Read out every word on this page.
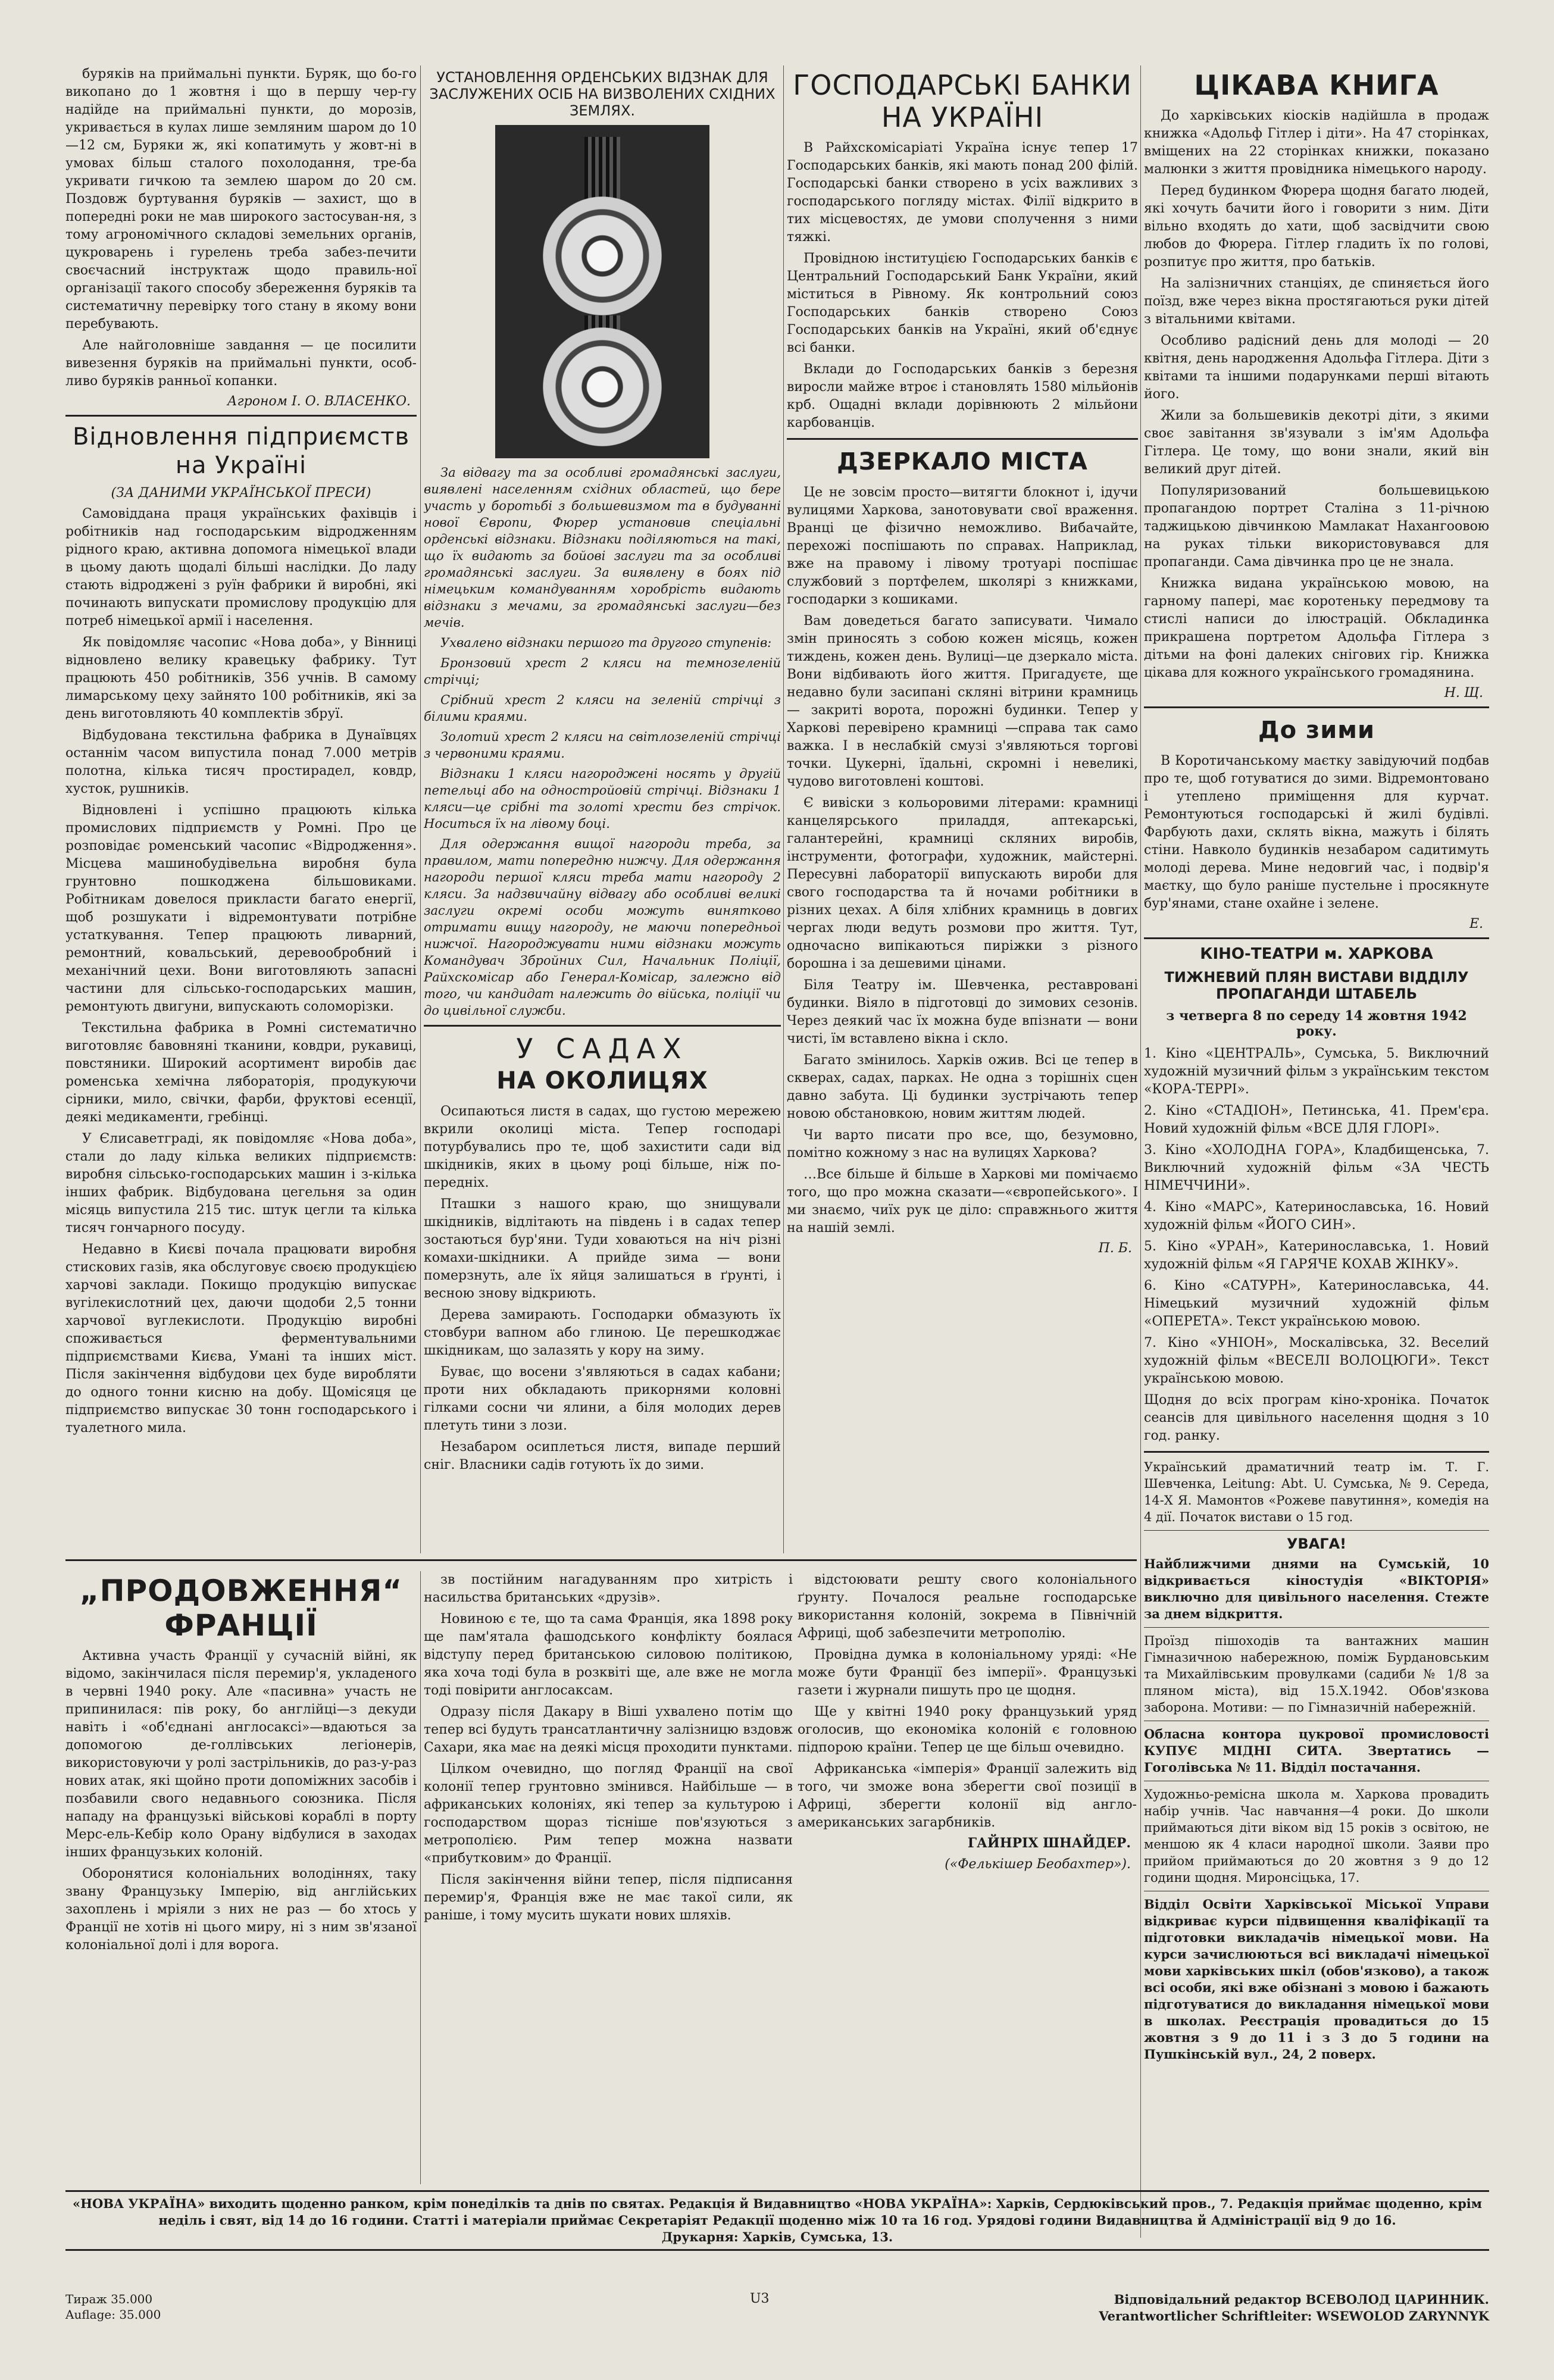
буряків на приймальні пункти. Буряк, що бо-го викопано до 1 жовтня і що в першу чер-гу надійде на приймальні пункти, до морозів, укривається в кулах лише земляним шаром до 10—12 см, Буряки ж, які копатимуть у жовт-ні в умовах більш сталого похолодання, тре-ба укривати гичкою та землею шаром до 20 см. Поздовж буртування буряків — захист, що в попередні роки не мав широкого застосуван-ня, з тому агрономічного складові земельних органів, цукроварень і гурелень треба забез-печити своєчасний інструктаж щодо правиль-ної організації такого способу збереження буряків та систематичну перевірку того стану в якому вони перебувають.

Але найголовніше завдання — це посилити вивезення буряків на приймальні пункти, особ-ливо буряків ранньої копанки.

Агроном І. О. ВЛАСЕНКО.
Відновлення підприємств на Україні
(ЗА ДАНИМИ УКРАЇНСЬКОЇ ПРЕСИ)

Самовіддана праця українських фахівців і робітників над господарським відродженням рідного краю, активна допомога німецької влади в цьому дають щодалі більші наслідки. До ладу стають відроджені з руїн фабрики й виробні, які починають випускати промислову продукцію для потреб німецької армії і населення.

Як повідомляє часопис «Нова доба», у Вінниці відновлено велику кравецьку фабрику. Тут працюють 450 робітників, 356 учнів. В самому лимарському цеху зайнято 100 робітників, які за день виготовляють 40 комплектів збруї.

Відбудована текстильна фабрика в Дунаївцях останнім часом випустила понад 7.000 метрів полотна, кілька тисяч простирадел, ковдр, хусток, рушників.

Відновлені і успішно працюють кілька промислових підприємств у Ромні. Про це розповідає роменський часопис «Відродження». Місцева машинобудівельна виробня була грунтовно пошкоджена більшовиками. Робітникам довелося прикласти багато енергії, щоб розшукати і відремонтувати потрібне устаткування. Тепер працюють ливарний, ремонтний, ковальський, деревообробний і механічний цехи. Вони виготовляють запасні частини для сільсько-господарських машин, ремонтують двигуни, випускають соломорізки.

Текстильна фабрика в Ромні систематично виготовляє бавовняні тканини, ковдри, рукавиці, повстяники. Широкий асортимент виробів дає роменська хемічна лябораторія, продукуючи сірники, мило, свічки, фарби, фруктові есенції, деякі медикаменти, гребінці.

У Єлисаветграді, як повідомляє «Нова доба», стали до ладу кілька великих підприємств: виробня сільсько-господарських машин і з-кілька інших фабрик. Відбудована цегельня за один місяць випустила 215 тис. штук цегли та кілька тисяч гончарного посуду.

Недавно в Києві почала працювати виробня стискових газів, яка обслуговує своєю продукцією харчові заклади. Покищо продукцію випускає вугілекислотний цех, даючи щодоби 2,5 тонни харчової вуглекислоти. Продукцію виробні споживається ферментувальними підприємствами Києва, Умані та інших міст. Після закінчення відбудови цех буде виробляти до одного тонни кисню на добу. Щомісяця це підприємство випускає 30 тонн господарського і туалетного мила.

УСТАНОВЛЕННЯ ОРДЕНСЬКИХ ВІДЗНАК ДЛЯ ЗАСЛУЖЕНИХ ОСІБ НА ВИЗВОЛЕНИХ СХІДНИХ ЗЕМЛЯХ.

За відвагу та за особливі громадянські заслуги, виявлені населенням східних областей, що бере участь у боротьбі з большевизмом та в будуванні нової Європи, Фюрер установив спеціальні орденські відзнаки. Відзнаки поділяються на такі, що їх видають за бойові заслуги та за особливі громадянські заслуги. За виявлену в боях під німецьким командуванням хоробрість видають відзнаки з мечами, за громадянські заслуги—без мечів.

Ухвалено відзнаки першого та другого ступенів:

Бронзовий хрест 2 кляси на темнозеленій стрічці;

Срібний хрест 2 кляси на зеленій стрічці з білими краями.

Золотий хрест 2 кляси на світлозеленій стрічці з червоними краями.

Відзнаки 1 кляси нагороджені носять у другій петельці або на одностройовій стрічці. Відзнаки 1 кляси—це срібні та золоті хрести без стрічок. Носиться їх на лівому боці.

Для одержання вищої нагороди треба, за правилом, мати попередню нижчу. Для одержання нагороди першої кляси треба мати нагороду 2 кляси. За надзвичайну відвагу або особливі великі заслуги окремі особи можуть винятково отримати вищу нагороду, не маючи попередньої нижчої. Нагороджувати ними відзнаки можуть Командувач Збройних Сил, Начальник Поліції, Райхскомісар або Генерал-Комісар, залежно від того, чи кандидат належить до війська, поліції чи до цивільної служби.

У САДАХ
НА ОКОЛИЦЯХ

Осипаються листя в садах, що густою мережею вкрили околиці міста. Тепер господарі потурбувались про те, щоб захистити сади від шкідників, яких в цьому році більше, ніж по-передніх.

Пташки з нашого краю, що знищували шкідників, відлітають на південь і в садах тепер зостаються бур'яни. Туди ховаються на ніч різні комахи-шкідники. А прийде зима — вони померзнуть, але їх яйця залишаться в ґрунті, і весною знову відкриють.

Дерева замирають. Господарки обмазують їх стовбури вапном або глиною. Це перешкоджає шкідникам, що залазять у кору на зиму.

Буває, що восени з'являються в садах кабани; проти них обкладають прикорнями коловні гілками сосни чи ялини, а біля молодих дерев плетуть тини з лози.

Незабаром осиплеться листя, випаде перший сніг. Власники садів готують їх до зими.

ГОСПОДАРСЬКІ БАНКИ НА УКРАЇНІ

В Райхскомісаріаті Україна існує тепер 17 Господарських банків, які мають понад 200 філій. Господарські банки створено в усіх важливих з господарського погляду містах. Філії відкрито в тих місцевостях, де умови сполучення з ними тяжкі.

Провідною інституцією Господарських банків є Центральний Господарський Банк України, який міститься в Рівному. Як контрольний союз Господарських банків створено Союз Господарських банків на Україні, який об'єднує всі банки.

Вклади до Господарських банків з березня виросли майже втроє і становлять 1580 мільйонів крб. Ощадні вклади дорівнюють 2 мільйони карбованців.

ДЗЕРКАЛО МІСТА

Це не зовсім просто—витягти блокнот і, ідучи вулицями Харкова, занотовувати свої враження. Вранці це фізично неможливо. Вибачайте, перехожі поспішають по справах. Наприклад, вже на правому і лівому тротуарі поспішає службовий з портфелем, школярі з книжками, господарки з кошиками.

Вам доведеться багато записувати. Чимало змін приносять з собою кожен місяць, кожен тиждень, кожен день. Вулиці—це дзеркало міста. Вони відбивають його життя. Пригадуєте, ще недавно були засипані скляні вітрини крамниць — закриті ворота, порожні будинки. Тепер у Харкові перевірено крамниці —справа так само важка. І в неслабкій смузі з'являються торгові точки. Цукерні, їдальні, скромні і невеликі, чудово виготовлені коштові.

Є вивіски з кольоровими літерами: крамниці канцелярського приладдя, аптекарські, галантерейні, крамниці скляних виробів, інструменти, фотографи, художник, майстерні. Пересувні лабораторії випускають вироби для свого господарства та й ночами робітники в різних цехах. А біля хлібних крамниць в довгих чергах люди ведуть розмови про життя. Тут, одночасно випікаються пиріжки з різного борошна і за дешевими цінами.

Біля Театру ім. Шевченка, реставровані будинки. Віяло в підготовці до зимових сезонів. Через деякий час їх можна буде впізнати — вони чисті, їм вставлено вікна і скло.

Багато змінилось. Харків ожив. Всі це тепер в скверах, садах, парках. Не одна з торішніх сцен давно забута. Ці будинки зустрічають тепер новою обстановкою, новим життям людей.

Чи варто писати про все, що, безумовно, помітно кожному з нас на вулицях Харкова?

…Все більше й більше в Харкові ми помічаємо того, що про можна сказати—«європейського». І ми знаємо, чиїх рук це діло: справжнього життя на нашій землі.

П. Б.
ЦІКАВА КНИГА

До харківських кіосків надійшла в продаж книжка «Адольф Гітлер і діти». На 47 сторінках, вміщених на 22 сторінках книжки, показано малюнки з життя провідника німецького народу.

Перед будинком Фюрера щодня багато людей, які хочуть бачити його і говорити з ним. Діти вільно входять до хати, щоб засвідчити свою любов до Фюрера. Гітлер гладить їх по голові, розпитує про життя, про батьків.

На залізничних станціях, де спиняється його поїзд, вже через вікна простягаються руки дітей з вітальними квітами.

Особливо радісний день для молоді — 20 квітня, день народження Адольфа Гітлера. Діти з квітами та іншими подарунками перші вітають його.

Жили за большевиків декотрі діти, з якими своє завітання зв'язували з ім'ям Адольфа Гітлера. Це тому, що вони знали, який він великий друг дітей.

Популяризований большевицькою пропагандою портрет Сталіна з 11-річною таджицькою дівчинкою Мамлакат Нахангоовою на руках тільки використовувався для пропаганди. Сама дівчинка про це не знала.

Книжка видана українською мовою, на гарному папері, має коротеньку передмову та стислі написи до ілюстрацій. Обкладинка прикрашена портретом Адольфа Гітлера з дітьми на фоні далеких снігових гір. Книжка цікава для кожного українського громадянина.

Н. Щ.
До зими

В Коротичанському маєтку завідуючий подбав про те, щоб готуватися до зими. Відремонтовано і утеплено приміщення для курчат. Ремонтуються господарські й жилі будівлі. Фарбують дахи, склять вікна, мажуть і білять стіни. Навколо будинків незабаром садитимуть молоді дерева. Мине недовгий час, і подвір'я маєтку, що було раніше пустельне і просякнуте бур'янами, стане охайне і зелене.

Е.
КІНО-ТЕАТРИ м. ХАРКОВА
ТИЖНЕВИЙ ПЛЯН ВИСТАВИ ВІДДІЛУ ПРОПАГАНДИ ШТАБЕЛЬ
з четверга 8 по середу 14 жовтня 1942 року.

1. Кіно «ЦЕНТРАЛЬ», Сумська, 5. Виключний художній музичний фільм з українським текстом «КОРА-ТЕРРІ».

2. Кіно «СТАДІОН», Петинська, 41. Прем'єра. Новий художній фільм «ВСЕ ДЛЯ ГЛОРІ».

3. Кіно «ХОЛОДНА ГОРА», Кладбищенська, 7. Виключний художній фільм «ЗА ЧЕСТЬ НІМЕЧЧИНИ».

4. Кіно «МАРС», Катеринославська, 16. Новий художній фільм «ЙОГО СИН».

5. Кіно «УРАН», Катеринославська, 1. Новий художній фільм «Я ГАРЯЧЕ КОХАВ ЖІНКУ».

6. Кіно «САТУРН», Катеринославська, 44. Німецький музичний художній фільм «ОПЕРЕТА». Текст українською мовою.

7. Кіно «УНІОН», Москалівська, 32. Веселий художній фільм «ВЕСЕЛІ ВОЛОЦЮГИ». Текст українською мовою.

Щодня до всіх програм кіно-хроніка. Початок сеансів для цивільного населення щодня з 10 год. ранку.

Український драматичний театр ім. Т. Г. Шевченка, Leitung: Abt. U. Сумська, № 9. Середа, 14-Х Я. Мамонтов «Рожеве павутиння», комедія на 4 дії. Початок вистави о 15 год.
УВАГА!
Найближчими днями на Сумській, 10 відкривається кіностудія «ВІКТОРІЯ» виключно для цивільного населення. Стежте за днем відкриття.
Проїзд пішоходів та вантажних машин Гімназичною набережною, поміж Бурдановським та Михайлівським провулками (садиби № 1/8 за пляном міста), від 15.Х.1942. Обов'язкова заборона. Мотиви: — по Гімназичній набережній.
Обласна контора цукрової промисловості КУПУЄ МІДНІ СИТА. Звертатись — Гоголівська № 11. Відділ постачання.
Художньо-ремісна школа м. Харкова провадить набір учнів. Час навчання—4 роки. До школи приймаються діти віком від 15 років з освітою, не меншою як 4 класи народної школи. Заяви про прийом приймаються до 20 жовтня з 9 до 12 години щодня. Миронсіцька, 17.
Відділ Освіти Харківської Міської Управи відкриває курси підвищення кваліфікації та підготовки викладачів німецької мови. На курси зачислюються всі викладачі німецької мови харківських шкіл (обов'язково), а також всі особи, які вже обізнані з мовою і бажають підготуватися до викладання німецької мови в школах. Реєстрація провадиться до 15 жовтня з 9 до 11 і з 3 до 5 години на Пушкінській вул., 24, 2 поверх.
„ПРОДОВЖЕННЯ“
ФРАНЦІЇ

Активна участь Франції у сучасній війні, як відомо, закінчилася після перемир'я, укладеного в червні 1940 року. Але «пасивна» участь не припинилася: пів року, бо англійці—з декуди навіть і «об'єднані англосаксі»—вдаються за допомогою де-голлівських легіонерів, використовуючи у ролі застрільників, до раз-у-раз нових атак, які щойно проти допоміжних засобів і позбавили свого недавнього союзника. Після нападу на французькі військові кораблі в порту Мерс-ель-Кебір коло Орану відбулися в заходах інших французьких колоній.

Оборонятися колоніальних володіннях, таку звану Французьку Імперію, від англійських захоплень і мріяли з них не раз — бо хтось у Франції не хотів ні цього миру, ні з ним зв'язаної колоніальної долі і для ворога.

зв постійним нагадуванням про хитрість і насильства британських «друзів».

Новиною є те, що та сама Франція, яка 1898 року ще пам'ятала фашодського конфлікту боялася відступу перед британською силовою політикою, яка хоча тоді була в розквіті ще, але вже не могла тоді повірити англосаксам.

Одразу після Дакару в Віші ухвалено потім що тепер всі будуть трансатлантичну залізницю вздовж Сахари, яка має на деякі місця проходити пунктами.

Цілком очевидно, що погляд Франції на свої колонії тепер грунтовно змінився. Найбільше — в африканських колоніях, які тепер за культурою і господарством щораз тісніше пов'язуються з метрополією. Рим тепер можна назвати «прибутковим» до Франції.

Після закінчення війни тепер, після підписання перемир'я, Франція вже не має такої сили, як раніше, і тому мусить шукати нових шляхів.

відстоювати решту свого колоніального ґрунту. Почалося реальне господарське використання колоній, зокрема в Північній Африці, щоб забезпечити метрополію.

Провідна думка в колоніальному уряді: «Не може бути Франції без імперії». Французькі газети і журнали пишуть про це щодня.

Ще у квітні 1940 року французький уряд оголосив, що економіка колоній є головною підпорою країни. Тепер це ще більш очевидно.

Африканська «імперія» Франції залежить від того, чи зможе вона зберегти свої позиції в Африці, зберегти колонії від англо-американських загарбників.

ГАЙНРІХ ШНАЙДЕР.
(«Фелькішер Беобахтер»).
«НОВА УКРАЇНА» виходить щоденно ранком, крім понеділків та днів по святах. Редакція й Видавництво «НОВА УКРАЇНА»: Харків, Сердюківський пров., 7. Редакція приймає щоденно, крім неділь і свят, від 14 до 16 години. Статті і матеріали приймає Секретаріят Редакції щоденно між 10 та 16 год. Урядові години Видавництва й Адміністрації від 9 до 16.
Друкарня: Харків, Сумська, 13.
Тираж 35.000
Auflage: 35.000
U3	Відповідальний редактор ВСЕВОЛОД ЦАРИННИК.
Verantwortlicher Schriftleiter: WSEWOLOD ZARYNNYK
